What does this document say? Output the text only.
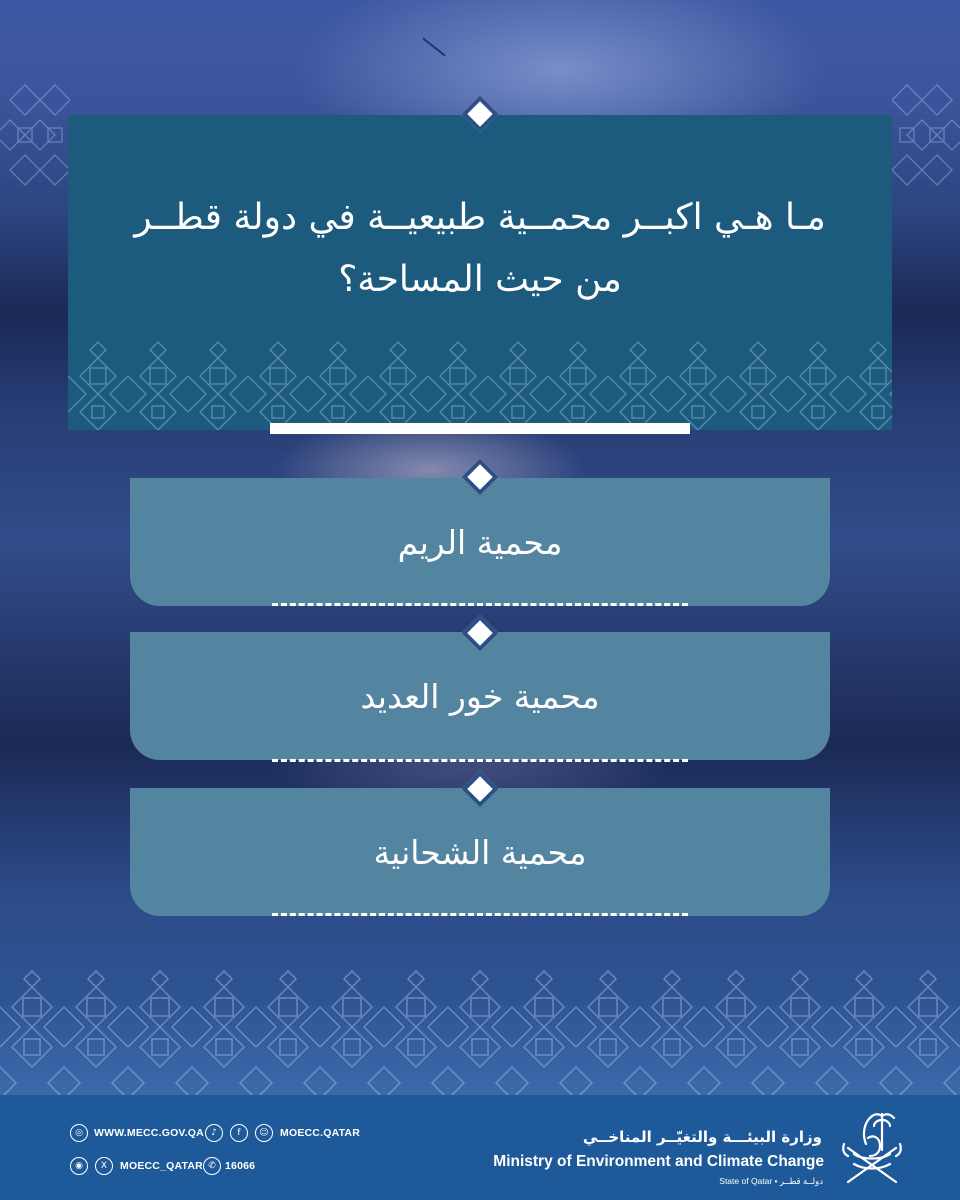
مـا هـي اكبــر محمــية طبيعيــة في دولة قطــر
من حيث المساحة؟
محمية الريم
محمية خور العديد
محمية الشحانية
◎	WWW.MECC.GOV.QA ♪	f	☺	MOECC.QATAR
◉	X	MOECC_QATAR ✆ 16066
وزارة البيئـــة والتغيّــر المناخــي
Ministry of Environment and Climate Change
State of Qatar • دولــة قطــر
